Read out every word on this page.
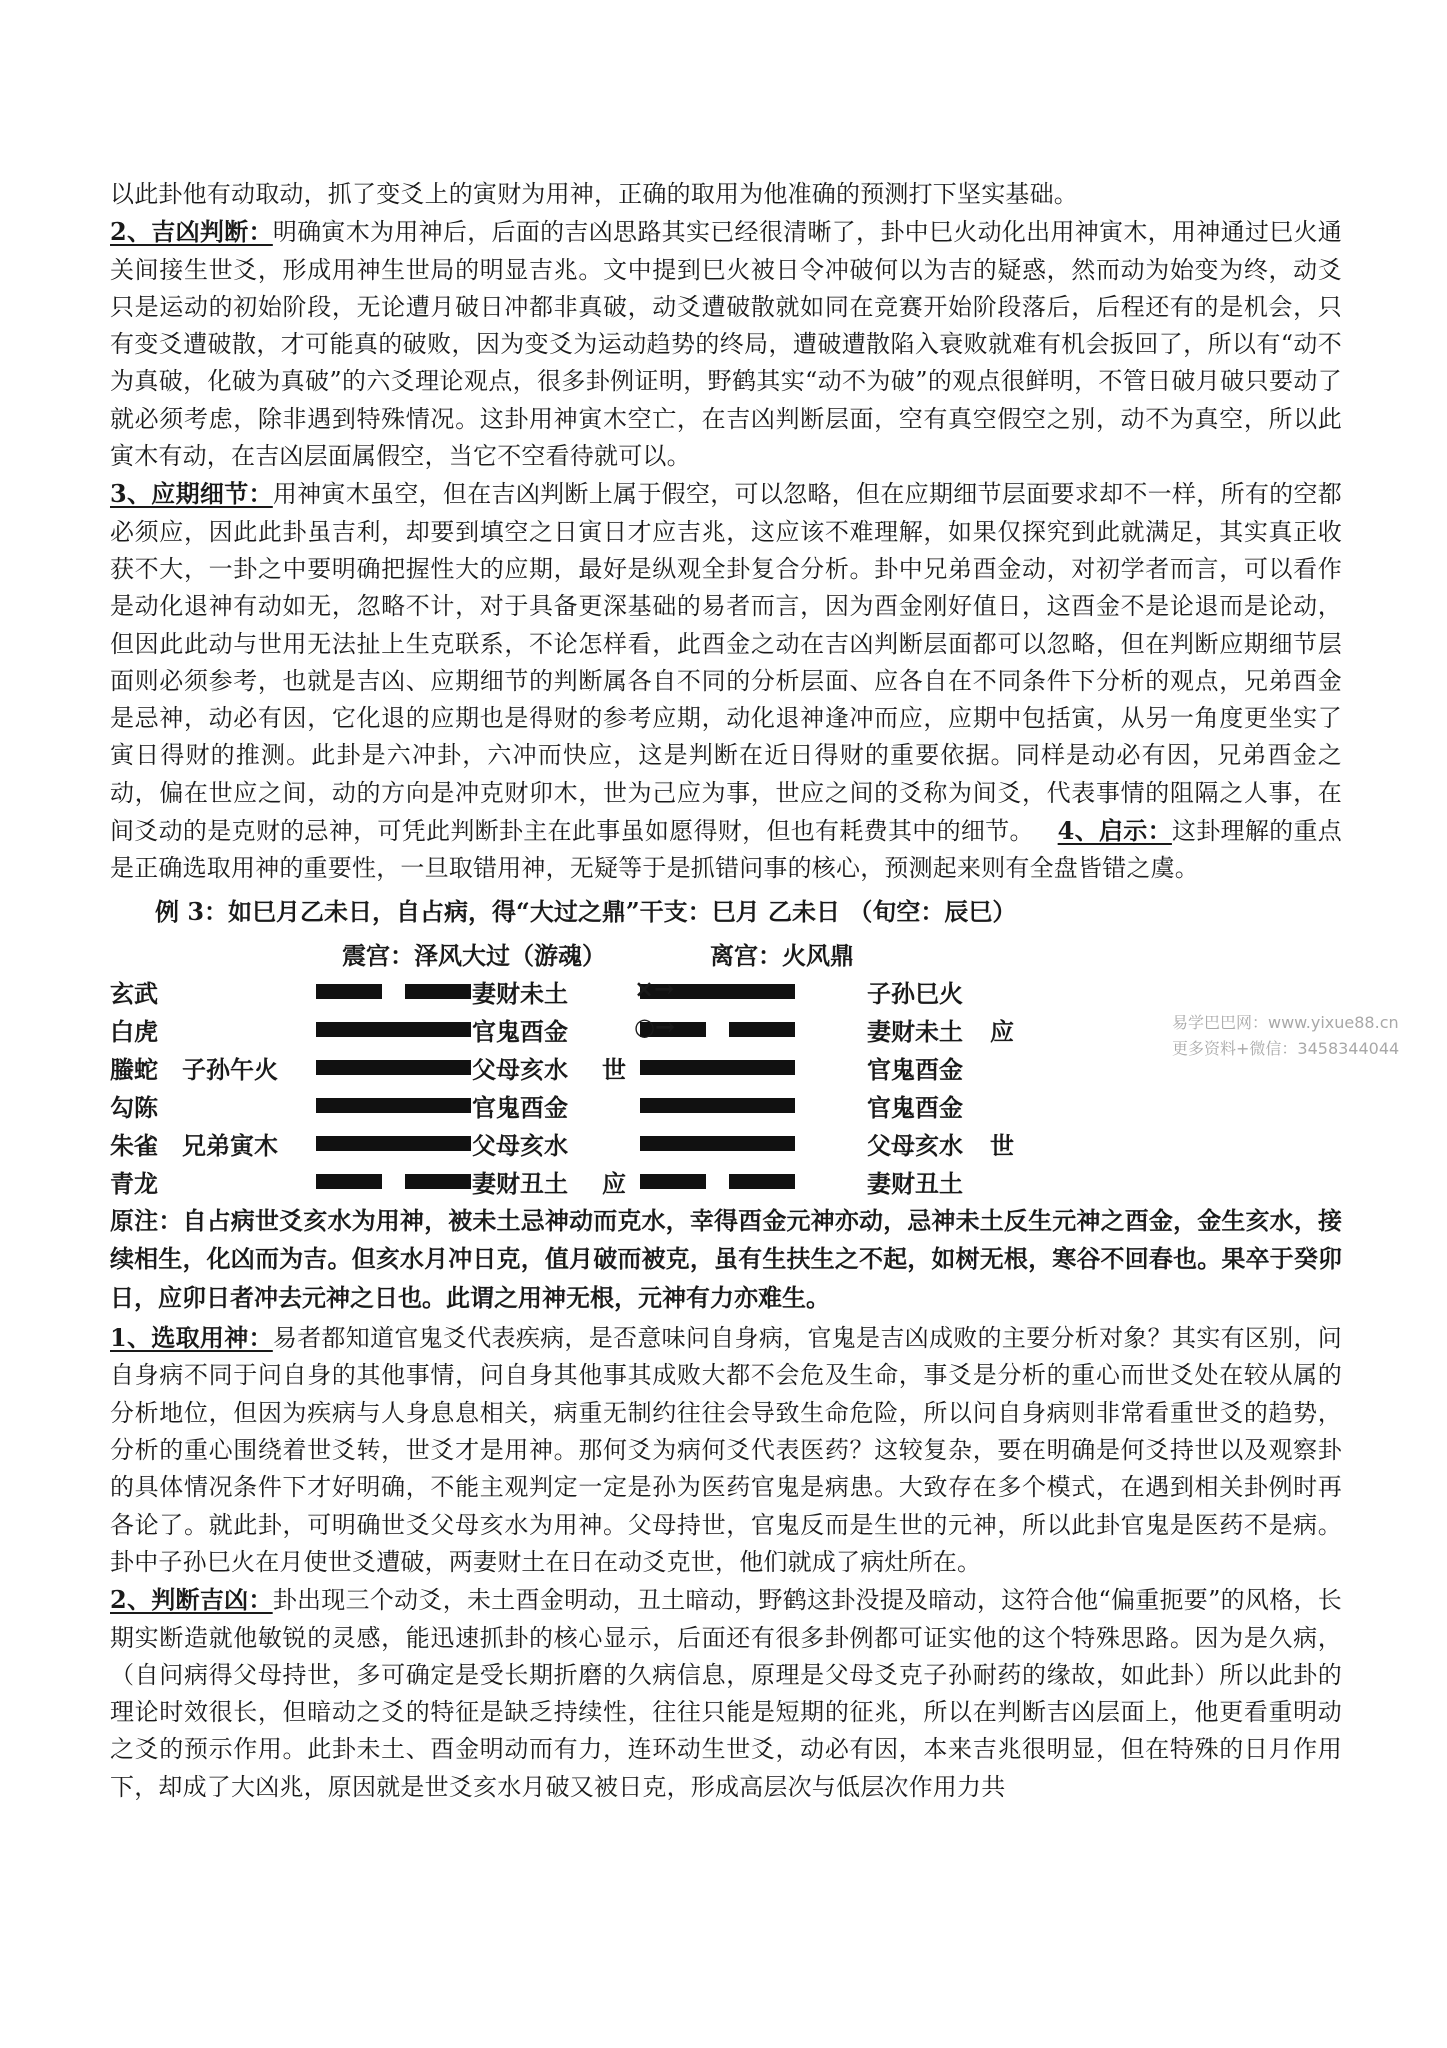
以此卦他有动取动，抓了变爻上的寅财为用神，正确的取用为他准确的预测打下坚实基础。

2、吉凶判断：明确寅木为用神后，后面的吉凶思路其实已经很清晰了，卦中巳火动化出用神寅木，用神通过巳火通关间接生世爻，形成用神生世局的明显吉兆。文中提到巳火被日令冲破何以为吉的疑惑，然而动为始变为终，动爻只是运动的初始阶段，无论遭月破日冲都非真破，动爻遭破散就如同在竞赛开始阶段落后，后程还有的是机会，只有变爻遭破散，才可能真的破败，因为变爻为运动趋势的终局，遭破遭散陷入衰败就难有机会扳回了，所以有“动不为真破，化破为真破”的六爻理论观点，很多卦例证明，野鹤其实“动不为破”的观点很鲜明，不管日破月破只要动了就必须考虑，除非遇到特殊情况。这卦用神寅木空亡，在吉凶判断层面，空有真空假空之别，动不为真空，所以此寅木有动，在吉凶层面属假空，当它不空看待就可以。

3、应期细节：用神寅木虽空，但在吉凶判断上属于假空，可以忽略，但在应期细节层面要求却不一样，所有的空都必须应，因此此卦虽吉利，却要到填空之日寅日才应吉兆，这应该不难理解，如果仅探究到此就满足，其实真正收获不大，一卦之中要明确把握性大的应期，最好是纵观全卦复合分析。卦中兄弟酉金动，对初学者而言，可以看作是动化退神有动如无，忽略不计，对于具备更深基础的易者而言，因为酉金刚好值日，这酉金不是论退而是论动，但因此此动与世用无法扯上生克联系，不论怎样看，此酉金之动在吉凶判断层面都可以忽略，但在判断应期细节层面则必须参考，也就是吉凶、应期细节的判断属各自不同的分析层面、应各自在不同条件下分析的观点，兄弟酉金是忌神，动必有因，它化退的应期也是得财的参考应期，动化退神逢冲而应，应期中包括寅，从另一角度更坐实了寅日得财的推测。此卦是六冲卦，六冲而快应，这是判断在近日得财的重要依据。同样是动必有因，兄弟酉金之动，偏在世应之间，动的方向是冲克财卯木，世为己应为事，世应之间的爻称为间爻，代表事情的阻隔之人事，在间爻动的是克财的忌神，可凭此判断卦主在此事虽如愿得财，但也有耗费其中的细节。 4、启示：这卦理解的重点是正确选取用神的重要性，一旦取错用神，无疑等于是抓错问事的核心，预测起来则有全盘皆错之虞。

例 3：如巳月乙未日，自占病，得“大过之鼎”干支：巳月 乙未日 （旬空：辰巳）
震宫：泽风大过（游魂）	离宫：火风鼎
玄武	妻财未土	×→	子孙巳火
白虎	官鬼酉金	○→	妻财未土 应
螣蛇 子孙午火	父母亥水 世	官鬼酉金
勾陈	官鬼酉金	官鬼酉金
朱雀 兄弟寅木	父母亥水	父母亥水 世
青龙	妻财丑土 应	妻财丑土
原注：自占病世爻亥水为用神，被未土忌神动而克水，幸得酉金元神亦动，忌神未土反生元神之酉金，金生亥水，接续相生，化凶而为吉。但亥水月冲日克，值月破而被克，虽有生扶生之不起，如树无根，寒谷不回春也。果卒于癸卯日，应卯日者冲去元神之日也。此谓之用神无根，元神有力亦难生。

1、选取用神：易者都知道官鬼爻代表疾病，是否意味问自身病，官鬼是吉凶成败的主要分析对象？其实有区别，问自身病不同于问自身的其他事情，问自身其他事其成败大都不会危及生命，事爻是分析的重心而世爻处在较从属的分析地位，但因为疾病与人身息息相关，病重无制约往往会导致生命危险，所以问自身病则非常看重世爻的趋势，分析的重心围绕着世爻转，世爻才是用神。那何爻为病何爻代表医药？这较复杂，要在明确是何爻持世以及观察卦的具体情况条件下才好明确，不能主观判定一定是孙为医药官鬼是病患。大致存在多个模式，在遇到相关卦例时再各论了。就此卦，可明确世爻父母亥水为用神。父母持世，官鬼反而是生世的元神，所以此卦官鬼是医药不是病。卦中子孙巳火在月使世爻遭破，两妻财土在日在动爻克世，他们就成了病灶所在。

2、判断吉凶：卦出现三个动爻，未土酉金明动，丑土暗动，野鹤这卦没提及暗动，这符合他“偏重扼要”的风格，长期实断造就他敏锐的灵感，能迅速抓卦的核心显示，后面还有很多卦例都可证实他的这个特殊思路。因为是久病，（自问病得父母持世，多可确定是受长期折磨的久病信息，原理是父母爻克子孙耐药的缘故，如此卦）所以此卦的理论时效很长，但暗动之爻的特征是缺乏持续性，往往只能是短期的征兆，所以在判断吉凶层面上，他更看重明动之爻的预示作用。此卦未土、酉金明动而有力，连环动生世爻，动必有因，本来吉兆很明显，但在特殊的日月作用下，却成了大凶兆，原因就是世爻亥水月破又被日克，形成高层次与低层次作用力共

易学巴巴网：www.yixue88.cn
更多资料+微信：3458344044
